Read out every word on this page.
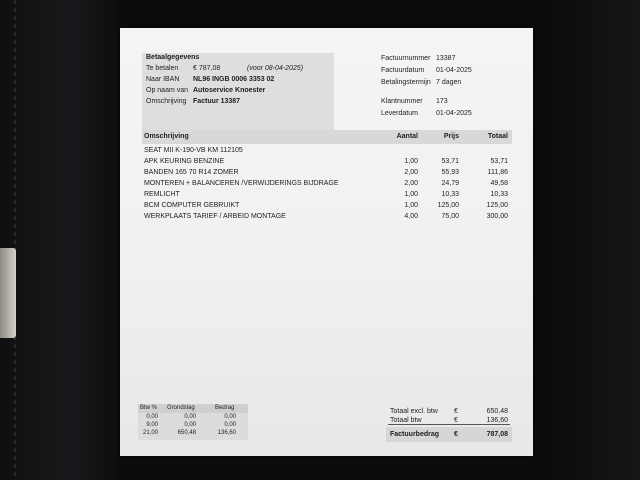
Betaalgegevens
Te betalen € 787,08	(voor 08-04-2025)
Naar IBAN NL96 INGB 0006 3353 02
Op naam van Autoservice Knoester
Omschrijving Factuur 13387
Factuurnummer 13387
Factuurdatum 01-04-2025
Betalingstermijn 7 dagen
Klantnummer 173
Leverdatum	01-04-2025
Omschrijving	Aantal	Prijs	Totaal
SEAT MII K-190-VB KM 112105
APK KEURING BENZINE	1,00	53,71	53,71
BANDEN 165 70 R14 ZOMER	2,00	55,93	111,86
MONTEREN + BALANCEREN /VERWIJDERINGS BIJDRAGE	2,00	24,79	49,58
REMLICHT	1,00	10,33	10,33
BCM COMPUTER GEBRUIKT	1,00	125,00	125,00
WERKPLAATS TARIEF / ARBEID MONTAGE	4,00	75,00	300,00
Btw % Grondslag	Bedrag
0,00	0,00	0,00
9,00	0,00	0,00
21,00	650,48	136,60
Totaal excl. btw €	650,48
Totaal btw	€	136,60
Factuurbedrag €	787,08
